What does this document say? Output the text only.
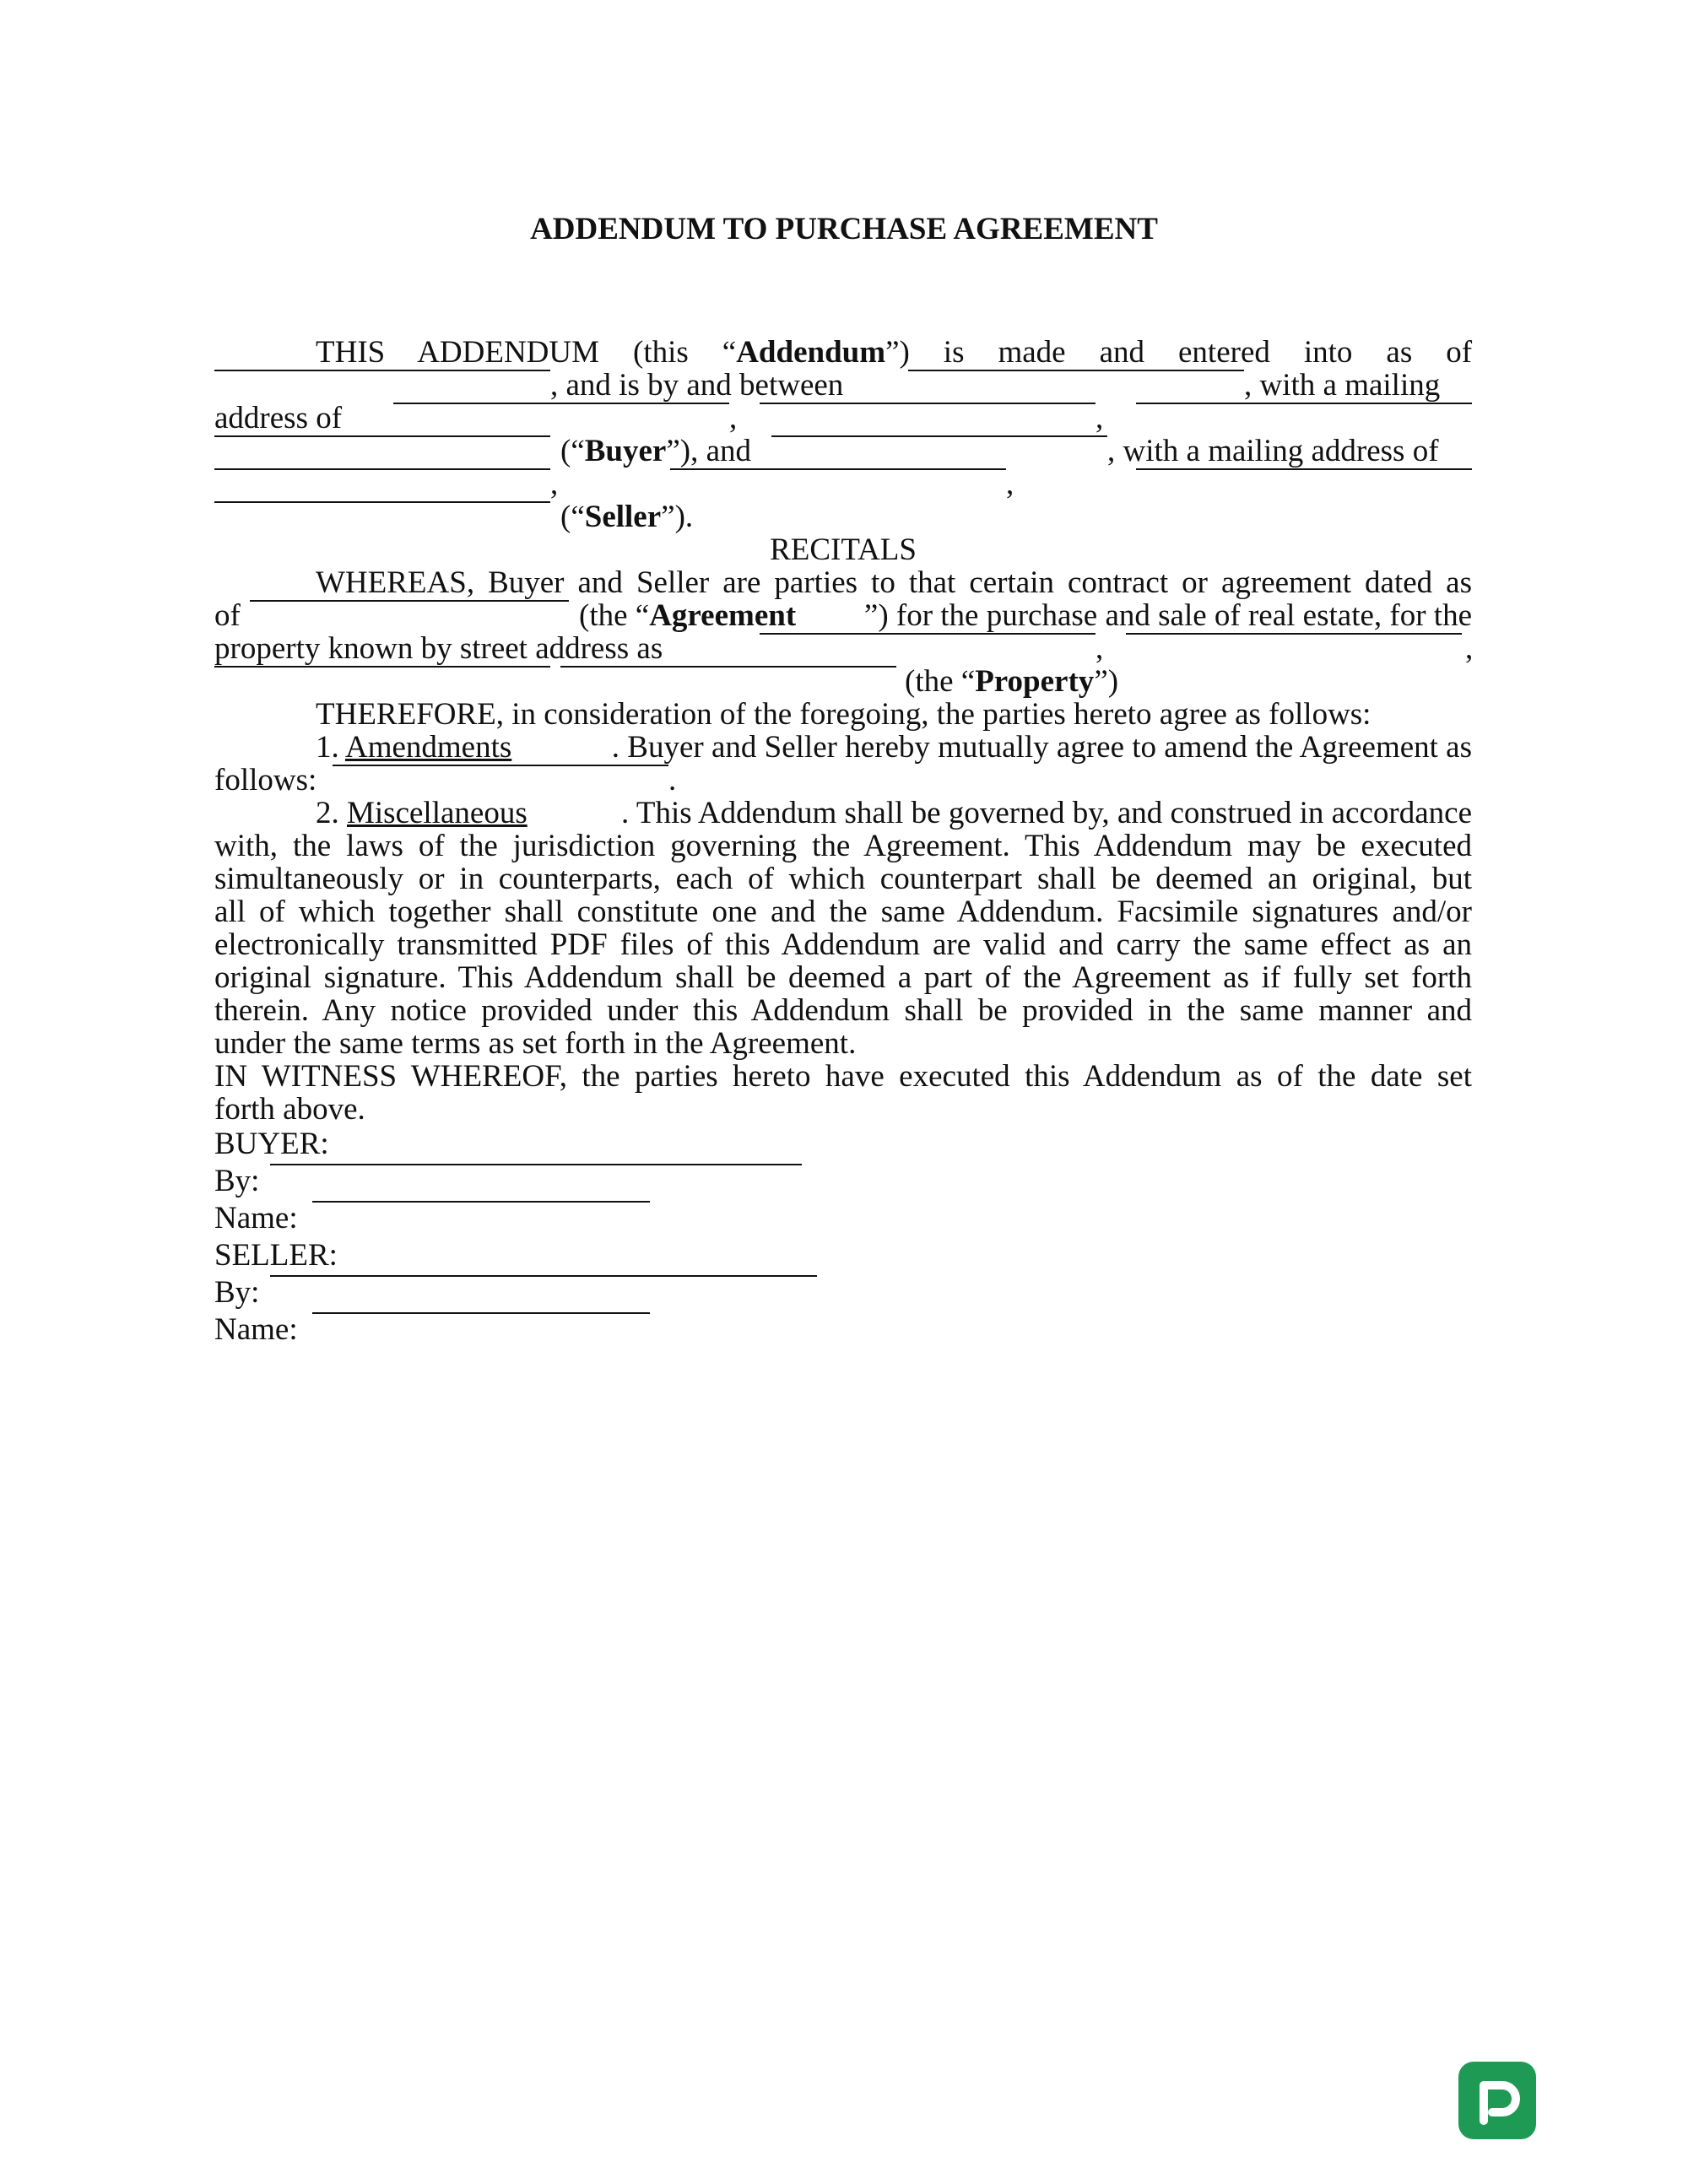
ADDENDUM TO PURCHASE AGREEMENT
THIS ADDENDUM (this “Addendum”) is made and entered into as of
, and is by and between	, with a mailing
address of	,	,
(“Buyer”), and	, with a mailing address of
,	,
(“Seller”).
RECITALS
WHEREAS, Buyer and Seller are parties to that certain contract or agreement dated as
of	(the “Agreement ”) for the purchase and sale of real estate, for the
property known by street address as	,	,
(the “Property”)
THEREFORE, in consideration of the foregoing, the parties hereto agree as follows:
1. Amendments	. Buyer and Seller hereby mutually agree to amend the Agreement as
follows:	.
2. Miscellaneous	. This Addendum shall be governed by, and construed in accordance
with, the laws of the jurisdiction governing the Agreement. This Addendum may be executed
simultaneously or in counterparts, each of which counterpart shall be deemed an original, but
all of which together shall constitute one and the same Addendum. Facsimile signatures and/or
electronically transmitted PDF files of this Addendum are valid and carry the same effect as an
original signature. This Addendum shall be deemed a part of the Agreement as if fully set forth
therein. Any notice provided under this Addendum shall be provided in the same manner and
under the same terms as set forth in the Agreement.
IN WITNESS WHEREOF, the parties hereto have executed this Addendum as of the date set
forth above.
BUYER:
By:
Name:
SELLER:
By:
Name:
